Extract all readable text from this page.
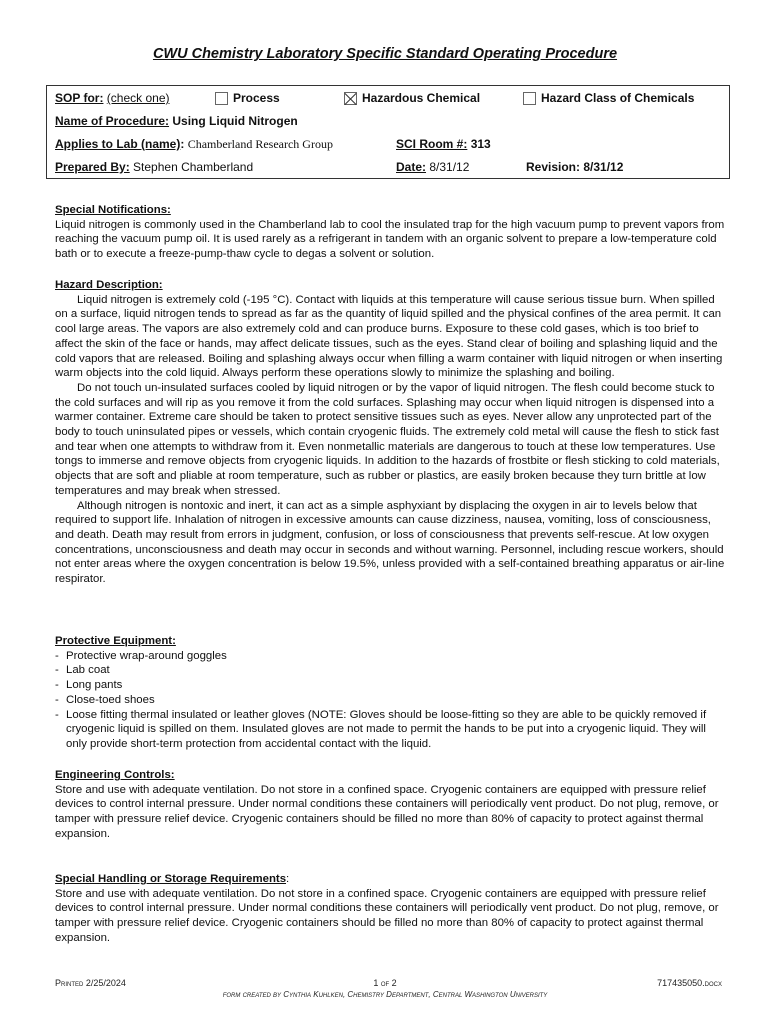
CWU Chemistry Laboratory Specific Standard Operating Procedure
SOP for: (check one)	Process	Hazardous Chemical	Hazard Class of Chemicals
Name of Procedure: Using Liquid Nitrogen
Applies to Lab (name): Chamberland Research Group	SCI Room #: 313
Prepared By: Stephen Chamberland	Date: 8/31/12	Revision: 8/31/12
Special Notifications:

Liquid nitrogen is commonly used in the Chamberland lab to cool the insulated trap for the high vacuum pump to prevent vapors from reaching the vacuum pump oil. It is used rarely as a refrigerant in tandem with an organic solvent to prepare a low-temperature cold bath or to execute a freeze-pump-thaw cycle to degas a solvent or solution.

Hazard Description:

Liquid nitrogen is extremely cold (-195 °C). Contact with liquids at this temperature will cause serious tissue burn. When spilled on a surface, liquid nitrogen tends to spread as far as the quantity of liquid spilled and the physical confines of the area permit. It can cool large areas. The vapors are also extremely cold and can produce burns. Exposure to these cold gases, which is too brief to affect the skin of the face or hands, may affect delicate tissues, such as the eyes. Stand clear of boiling and splashing liquid and the cold vapors that are released. Boiling and splashing always occur when filling a warm container with liquid nitrogen or when inserting warm objects into the cold liquid. Always perform these operations slowly to minimize the splashing and boiling.

Do not touch un-insulated surfaces cooled by liquid nitrogen or by the vapor of liquid nitrogen. The flesh could become stuck to the cold surfaces and will rip as you remove it from the cold surfaces. Splashing may occur when liquid nitrogen is dispensed into a warmer container. Extreme care should be taken to protect sensitive tissues such as eyes. Never allow any unprotected part of the body to touch uninsulated pipes or vessels, which contain cryogenic fluids. The extremely cold metal will cause the flesh to stick fast and tear when one attempts to withdraw from it. Even nonmetallic materials are dangerous to touch at these low temperatures. Use tongs to immerse and remove objects from cryogenic liquids. In addition to the hazards of frostbite or flesh sticking to cold materials, objects that are soft and pliable at room temperature, such as rubber or plastics, are easily broken because they turn brittle at low temperatures and may break when stressed.

Although nitrogen is nontoxic and inert, it can act as a simple asphyxiant by displacing the oxygen in air to levels below that required to support life. Inhalation of nitrogen in excessive amounts can cause dizziness, nausea, vomiting, loss of consciousness, and death. Death may result from errors in judgment, confusion, or loss of consciousness that prevents self-rescue. At low oxygen concentrations, unconsciousness and death may occur in seconds and without warning. Personnel, including rescue workers, should not enter areas where the oxygen concentration is below 19.5%, unless provided with a self-contained breathing apparatus or air-line respirator.

Protective Equipment:
- Protective wrap-around goggles
- Lab coat
- Long pants
- Close-toed shoes
- Loose fitting thermal insulated or leather gloves (NOTE: Gloves should be loose-fitting so they are able to be quickly removed if cryogenic liquid is spilled on them. Insulated gloves are not made to permit the hands to be put into a cryogenic liquid. They will only provide short-term protection from accidental contact with the liquid.
Engineering Controls:

Store and use with adequate ventilation. Do not store in a confined space. Cryogenic containers are equipped with pressure relief devices to control internal pressure. Under normal conditions these containers will periodically vent product. Do not plug, remove, or tamper with pressure relief device. Cryogenic containers should be filled no more than 80% of capacity to protect against thermal expansion.

Special Handling or Storage Requirements:

Store and use with adequate ventilation. Do not store in a confined space. Cryogenic containers are equipped with pressure relief devices to control internal pressure. Under normal conditions these containers will periodically vent product. Do not plug, remove, or tamper with pressure relief device. Cryogenic containers should be filled no more than 80% of capacity to protect against thermal expansion.

Printed 2/25/2024	1 of 2	717435050.docx
form created by Cynthia Kuhlken, Chemistry Department, Central Washington University
